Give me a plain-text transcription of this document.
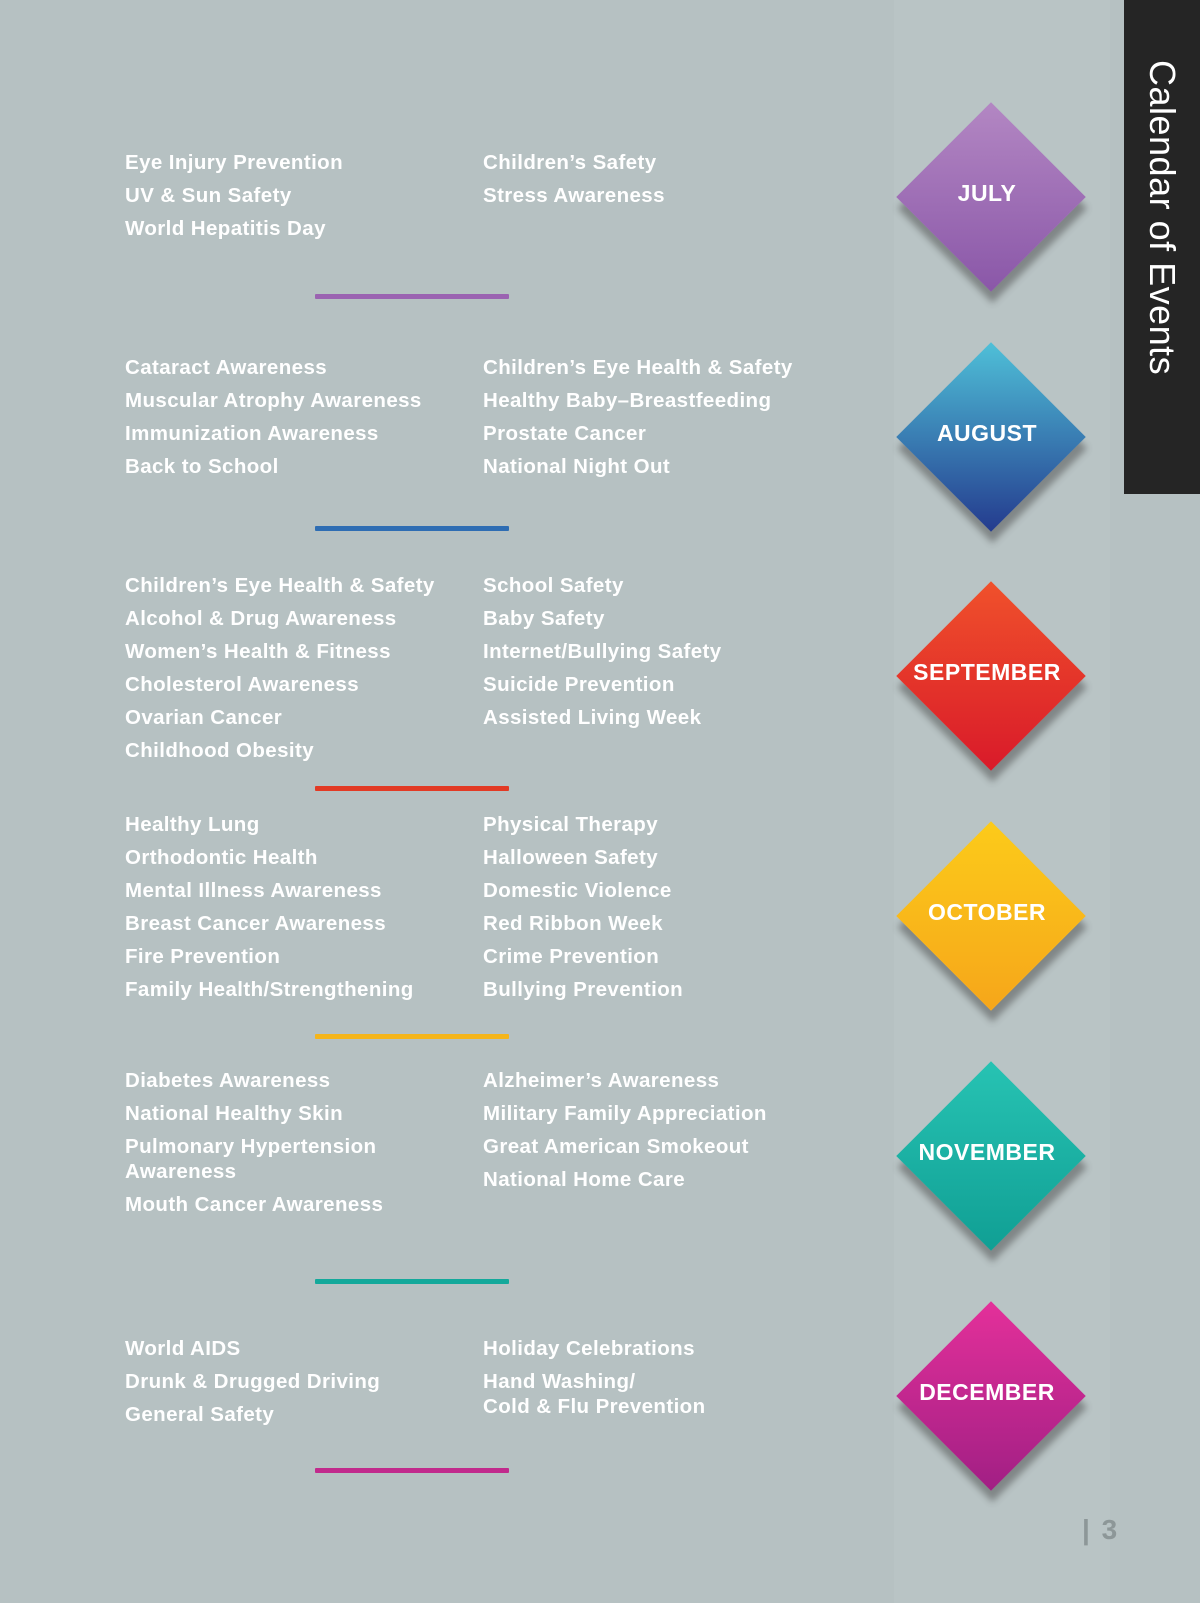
Calendar of Events
Eye Injury Prevention
UV & Sun Safety
World Hepatitis Day
Children’s Safety
Stress Awareness	JULY
Cataract Awareness
Muscular Atrophy Awareness
Immunization Awareness
Back to School
Children’s Eye Health & Safety
Healthy Baby–Breastfeeding
Prostate Cancer
National Night Out
AUGUST
Children’s Eye Health & Safety
Alcohol & Drug Awareness
Women’s Health & Fitness
Cholesterol Awareness
Ovarian Cancer
Childhood Obesity
School Safety
Baby Safety
Internet/Bullying Safety
Suicide Prevention
Assisted Living Week
SEPTEMBER
Healthy Lung
Orthodontic Health
Mental Illness Awareness
Breast Cancer Awareness
Fire Prevention
Family Health/Strengthening
Physical Therapy
Halloween Safety
Domestic Violence
Red Ribbon Week
Crime Prevention
Bullying Prevention
OCTOBER
Diabetes Awareness
National Healthy Skin
Pulmonary Hypertension
Awareness
Mouth Cancer Awareness
Alzheimer’s Awareness
Military Family Appreciation
Great American Smokeout
National Home Care
NOVEMBER
World AIDS
Drunk & Drugged Driving
General Safety
Holiday Celebrations
Hand Washing/
Cold & Flu Prevention
DECEMBER
| 3
